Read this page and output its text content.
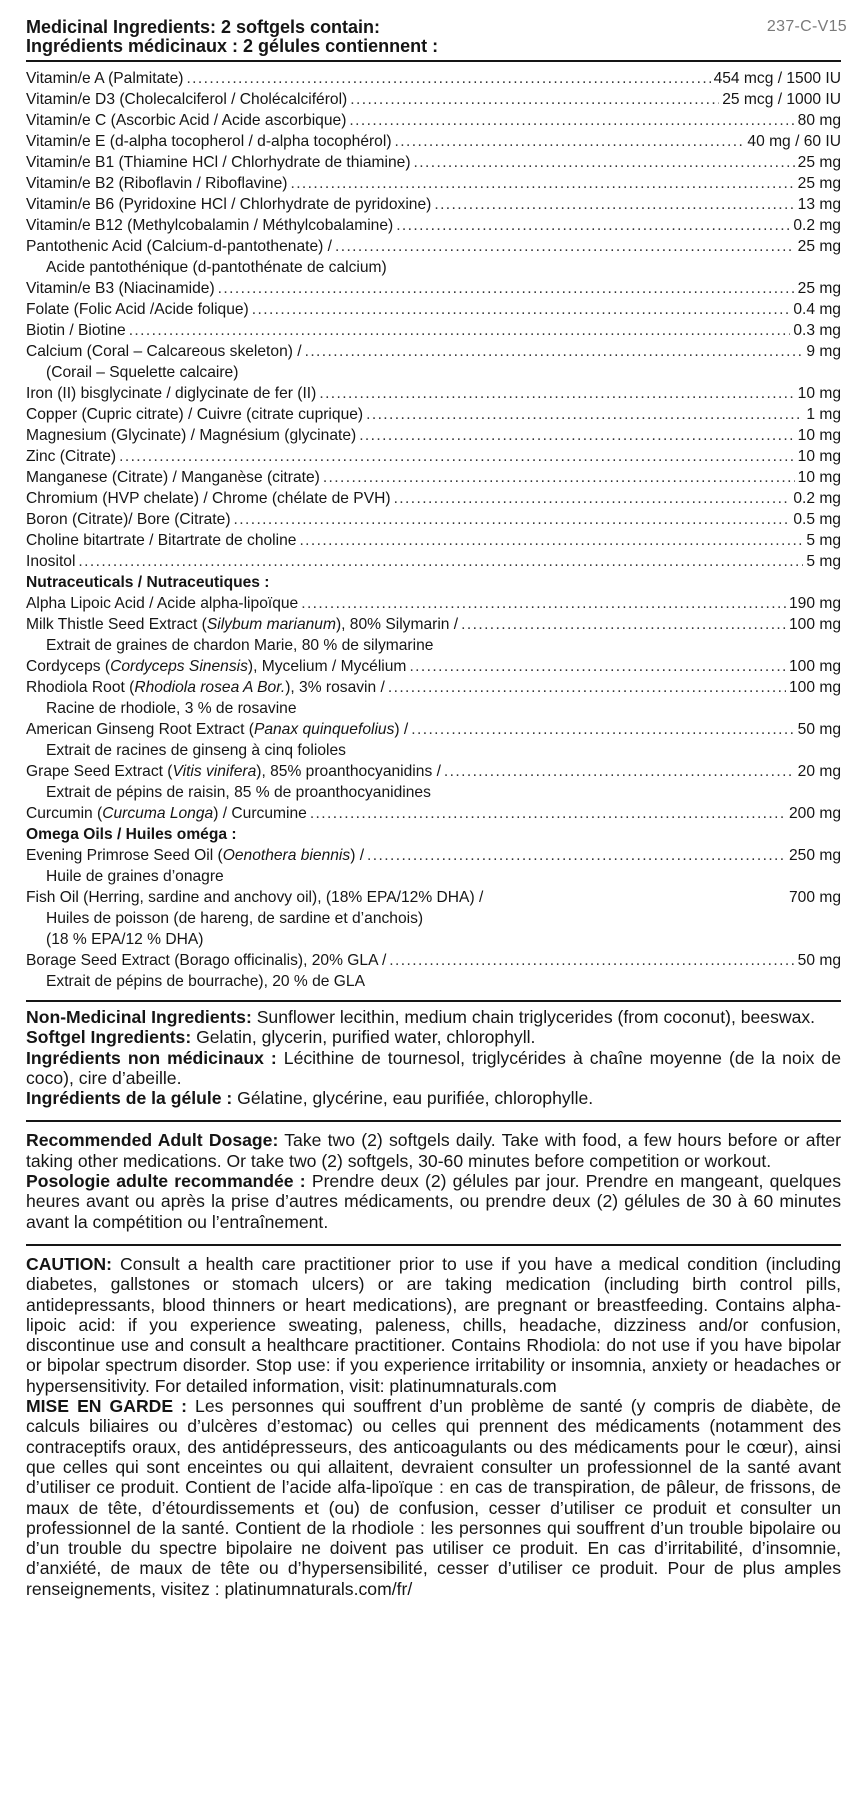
237-C-V15
Medicinal Ingredients: 2 softgels contain:
Ingrédients médicinaux : 2 gélules contiennent :
Vitamin/e A (Palmitate) .....	454 mcg / 1500 IU
Vitamin/e D3 (Cholecalciferol / Cholécalciférol) .....	25 mcg / 1000 IU
Vitamin/e C (Ascorbic Acid / Acide ascorbique) .....	80 mg
Vitamin/e E (d-alpha tocopherol / d-alpha tocophérol) .....	40 mg / 60 IU
Vitamin/e B1 (Thiamine HCl / Chlorhydrate de thiamine) .....	25 mg
Vitamin/e B2 (Riboflavin / Riboflavine) .....	25 mg
Vitamin/e B6 (Pyridoxine HCl / Chlorhydrate de pyridoxine) .....	13 mg
Vitamin/e B12 (Methylcobalamin / Méthylcobalamine) .....	0.2 mg
Pantothenic Acid (Calcium-d-pantothenate) / .....	25 mg
Acide pantothénique (d-pantothénate de calcium)
Vitamin/e B3 (Niacinamide) .....	25 mg
Folate (Folic Acid /Acide folique) .....	0.4 mg
Biotin / Biotine .....	0.3 mg
Calcium (Coral – Calcareous skeleton) / .....	9 mg
(Corail – Squelette calcaire)
Iron (II) bisglycinate / diglycinate de fer (II) .....	10 mg
Copper (Cupric citrate) / Cuivre (citrate cuprique) .....	1 mg
Magnesium (Glycinate) / Magnésium (glycinate) .....	10 mg
Zinc (Citrate) .....	10 mg
Manganese (Citrate) / Manganèse (citrate) .....	10 mg
Chromium (HVP chelate) / Chrome (chélate de PVH) .....	0.2 mg
Boron (Citrate)/ Bore (Citrate) .....	0.5 mg
Choline bitartrate / Bitartrate de choline .....	5 mg
Inositol .....	5 mg
Nutraceuticals / Nutraceutiques :
Alpha Lipoic Acid / Acide alpha-lipoïque .....	190 mg
Milk Thistle Seed Extract (Silybum marianum), 80% Silymarin / .....	100 mg
Extrait de graines de chardon Marie, 80 % de silymarine
Cordyceps (Cordyceps Sinensis), Mycelium / Mycélium .....	100 mg
Rhodiola Root (Rhodiola rosea A Bor.), 3% rosavin / .....	100 mg
Racine de rhodiole, 3 % de rosavine
American Ginseng Root Extract (Panax quinquefolius) / .....	50 mg
Extrait de racines de ginseng à cinq folioles
Grape Seed Extract (Vitis vinifera), 85% proanthocyanidins / .....	20 mg
Extrait de pépins de raisin, 85 % de proanthocyanidines
Curcumin (Curcuma Longa) / Curcumine .....	200 mg
Omega Oils / Huiles oméga :
Evening Primrose Seed Oil (Oenothera biennis) / .....	250 mg
Huile de graines d’onagre
Fish Oil (Herring, sardine and anchovy oil), (18% EPA/12% DHA) /	700 mg
Huiles de poisson (de hareng, de sardine et d’anchois)
(18 % EPA/12 % DHA)
Borage Seed Extract (Borago officinalis), 20% GLA / .....	50 mg
Extrait de pépins de bourrache), 20 % de GLA

Non-Medicinal Ingredients: Sunflower lecithin, medium chain triglycerides (from coconut), beeswax.

Softgel Ingredients: Gelatin, glycerin, purified water, chlorophyll.

Ingrédients non médicinaux : Lécithine de tournesol, triglycérides à chaîne moyenne (de la noix de coco), cire d’abeille.

Ingrédients de la gélule : Gélatine, glycérine, eau purifiée, chlorophylle.

Recommended Adult Dosage: Take two (2) softgels daily. Take with food, a few hours before or after taking other medications. Or take two (2) softgels, 30-60 minutes before competition or workout.

Posologie adulte recommandée : Prendre deux (2) gélules par jour. Prendre en mangeant, quelques heures avant ou après la prise d’autres médicaments, ou prendre deux (2) gélules de 30 à 60 minutes avant la compétition ou l’entraînement.

CAUTION: Consult a health care practitioner prior to use if you have a medical condition (including diabetes, gallstones or stomach ulcers) or are taking medication (including birth control pills, antidepressants, blood thinners or heart medications), are pregnant or breastfeeding. Contains alpha-lipoic acid: if you experience sweating, paleness, chills, headache, dizziness and/or confusion, discontinue use and consult a healthcare practitioner. Contains Rhodiola: do not use if you have bipolar or bipolar spectrum disorder. Stop use: if you experience irritability or insomnia, anxiety or headaches or hypersensitivity. For detailed information, visit: platinumnaturals.com

MISE EN GARDE : Les personnes qui souffrent d’un problème de santé (y compris de diabète, de calculs biliaires ou d’ulcères d’estomac) ou celles qui prennent des médicaments (notamment des contraceptifs oraux, des antidépresseurs, des anticoagulants ou des médicaments pour le cœur), ainsi que celles qui sont enceintes ou qui allaitent, devraient consulter un professionnel de la santé avant d’utiliser ce produit. Contient de l’acide alfa-lipoïque : en cas de transpiration, de pâleur, de frissons, de maux de tête, d’étourdissements et (ou) de confusion, cesser d’utiliser ce produit et consulter un professionnel de la santé. Contient de la rhodiole : les personnes qui souffrent d’un trouble bipolaire ou d’un trouble du spectre bipolaire ne doivent pas utiliser ce produit. En cas d’irritabilité, d’insomnie, d’anxiété, de maux de tête ou d’hypersensibilité, cesser d’utiliser ce produit. Pour de plus amples renseignements, visitez : platinumnaturals.com/fr/
